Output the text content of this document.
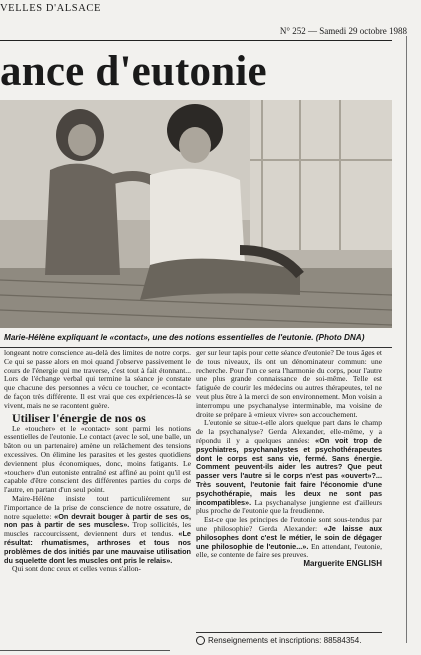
VELLES D'ALSACE
N° 252 — Samedi 29 octobre 1988
ance d'eutonie
Marie-Hélène expliquant le «contact», une des notions essentielles de l'eutonie. (Photo DNA)

longeant notre conscience au-delà des limites de notre corps. Ce qui se passe alors en moi quand j'observe passivement le cours de l'énergie qui me traverse, c'est tout à fait étonnant... Lors de l'échange verbal qui termine la séance je constate que chacune des personnes a vécu ce toucher, ce «contact» de façon très différente. Il est vrai que ces expériences-là se vivent, mais ne se racontent guère.

Utiliser l'énergie de nos os

Le «toucher» et le «contact» sont parmi les notions essentielles de l'eutonie. Le contact (avec le sol, une balle, un bâton ou un partenaire) amène un relâchement des tensions excessives. On élimine les parasites et les gestes quotidiens deviennent plus économiques, donc, moins fatigants. Le «toucher» d'un eutoniste entraîné est affiné au point qu'il est capable d'être conscient des différentes parties du corps de l'autre, en partant d'un seul point.

Maire-Hélène insiste tout particulièrement sur l'importance de la prise de conscience de notre ossature, de notre squelette: «On devrait bouger à partir de ses os, non pas à partir de ses muscles». Trop sollicités, les muscles raccourcissent, deviennent durs et tendus. «Le résultat: rhumatismes, arthroses et tous nos problèmes de dos initiés par une mauvaise utilisation du squelette dont les muscles ont pris le relais».

Qui sont donc ceux et celles venus s'allon-

ger sur leur tapis pour cette séance d'eutonie? De tous âges et de tous niveaux, ils ont un dénominateur commun: une recherche. Pour l'un ce sera l'harmonie du corps, pour l'autre une plus grande connaissance de soi-même. Telle est fatiguée de courir les médecins ou autres thérapeutes, tel ne veut plus être à la merci de son environnement. Mon voisin a interrompu une psychanalyse interminable, ma voisine de droite se prépare à «mieux vivre» son accouchement.

L'eutonie se situe-t-elle alors quelque part dans le champ de la psychanalyse? Gerda Alexander, elle-même, y a répondu il y a quelques années: «On voit trop de psychiatres, psychanalystes et psychothérapeutes dont le corps est sans vie, fermé. Sans énergie. Comment peuvent-ils aider les autres? Que peut passer vers l'autre si le corps n'est pas «ouvert»?... Très souvent, l'eutonie fait faire l'économie d'une psychothérapie, mais les deux ne sont pas incompatibles». La psychanalyse jungienne est d'ailleurs plus proche de l'eutonie que la freudienne.

Est-ce que les principes de l'eutonie sont sous-tendus par une philosophie? Gerda Alexander: «Je laisse aux philosophes dont c'est le métier, le soin de dégager une philosophie de l'eutonie...». En attendant, l'eutonie, elle, se contente de faire ses preuves.

Marguerite ENGLISH

Renseignements et inscriptions: 88584354.
